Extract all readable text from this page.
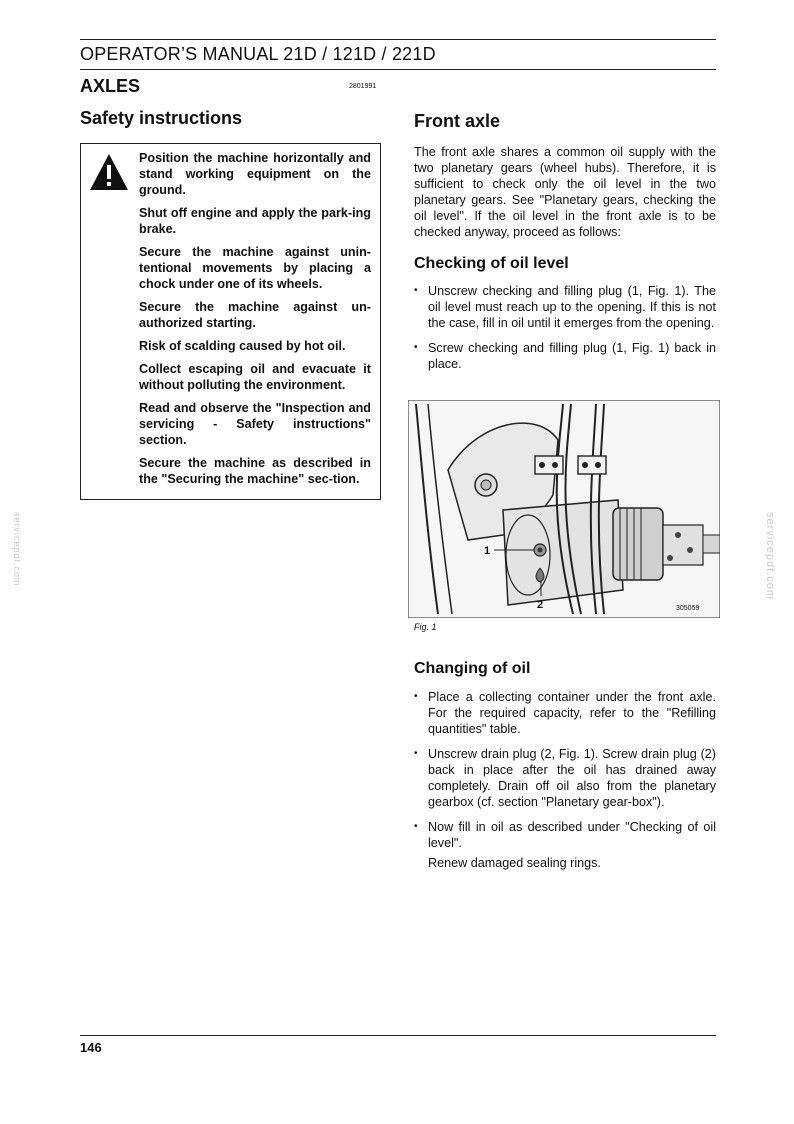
OPERATOR’S MANUAL 21D / 121D / 221D
AXLES	2801991
Safety instructions

Position the machine horizontally and stand working equipment on the ground.

Shut off engine and apply the park-ing brake.

Secure the machine against unin-tentional movements by placing a chock under one of its wheels.

Secure the machine against un-authorized starting.

Risk of scalding caused by hot oil.

Collect escaping oil and evacuate it without polluting the environment.

Read and observe the "Inspection and servicing - Safety instructions" section.

Secure the machine as described in the "Securing the machine" sec-tion.

Front axle

The front axle shares a common oil supply with the two planetary gears (wheel hubs). Therefore, it is sufficient to check only the oil level in the two planetary gears. See "Planetary gears, checking the oil level". If the oil level in the front axle is to be checked anyway, proceed as follows:

Checking of oil level
• Unscrew checking and filling plug (1, Fig. 1). The oil level must reach up to the opening. If this is not the case, fill in oil until it emerges from the opening.
• Screw checking and filling plug (1, Fig. 1) back in place.
1
2	305059
Fig. 1
Changing of oil
• Place a collecting container under the front axle. For the required capacity, refer to the "Refilling quantities" table.
• Unscrew drain plug (2, Fig. 1). Screw drain plug (2) back in place after the oil has drained away completely. Drain off oil also from the planetary gearbox (cf. section "Planetary gear-box").
• Now fill in oil as described under "Checking of oil level".

Renew damaged sealing rings.

servicepdf.com	servicepdf.com
146
